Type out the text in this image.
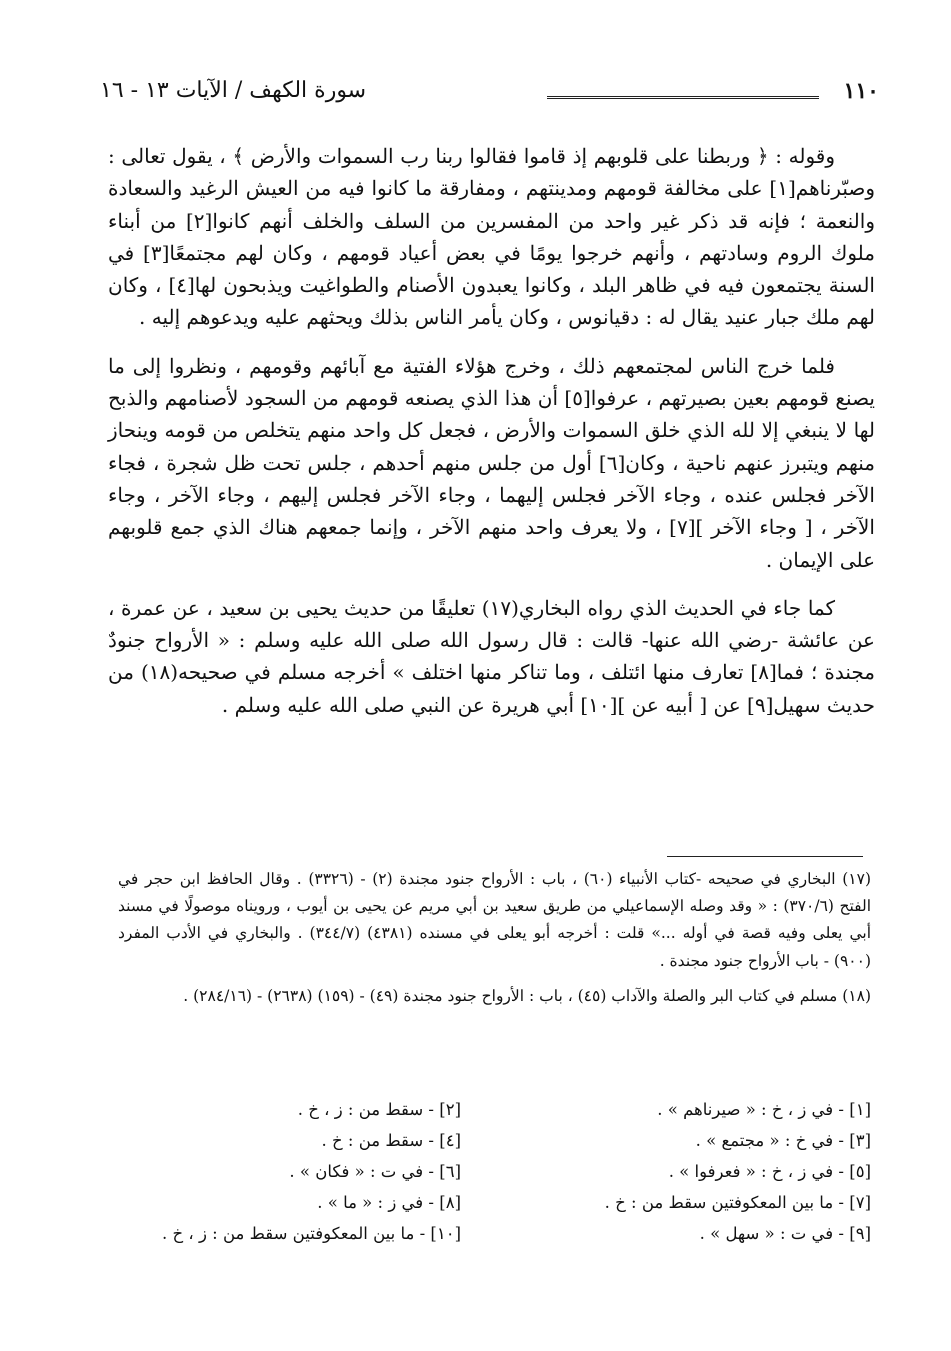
١١٠
سورة الكهف / الآيات ١٣ - ١٦

وقوله : ﴿ وربطنا على قلوبهم إذ قاموا فقالوا ربنا رب السموات والأرض ﴾ ، يقول تعالى : وصبّرناهم[١] على مخالفة قومهم ومدينتهم ، ومفارقة ما كانوا فيه من العيش الرغيد والسعادة والنعمة ؛ فإنه قد ذكر غير واحد من المفسرين من السلف والخلف أنهم كانوا[٢] من أبناء ملوك الروم وسادتهم ، وأنهم خرجوا يومًا في بعض أعياد قومهم ، وكان لهم مجتمعًا[٣] في السنة يجتمعون فيه في ظاهر البلد ، وكانوا يعبدون الأصنام والطواغيت ويذبحون لها[٤] ، وكان لهم ملك جبار عنيد يقال له : دقيانوس ، وكان يأمر الناس بذلك ويحثهم عليه ويدعوهم إليه .

فلما خرج الناس لمجتمعهم ذلك ، وخرج هؤلاء الفتية مع آبائهم وقومهم ، ونظروا إلى ما يصنع قومهم بعين بصيرتهم ، عرفوا[٥] أن هذا الذي يصنعه قومهم من السجود لأصنامهم والذبح لها لا ينبغي إلا لله الذي خلق السموات والأرض ، فجعل كل واحد منهم يتخلص من قومه وينحاز منهم ويتبرز عنهم ناحية ، وكان[٦] أول من جلس منهم أحدهم ، جلس تحت ظل شجرة ، فجاء الآخر فجلس عنده ، وجاء الآخر فجلس إليهما ، وجاء الآخر فجلس إليهم ، وجاء الآخر ، وجاء الآخر ، [ وجاء الآخر ][٧] ، ولا يعرف واحد منهم الآخر ، وإنما جمعهم هناك الذي جمع قلوبهم على الإيمان .

كما جاء في الحديث الذي رواه البخاري(١٧) تعليقًا من حديث يحيى بن سعيد ، عن عمرة ، عن عائشة -رضي الله عنها- قالت : قال رسول الله صلى الله عليه وسلم : « الأرواح جنودٌ مجندة ؛ فما[٨] تعارف منها ائتلف ، وما تناكر منها اختلف » أخرجه مسلم في صحيحه(١٨) من حديث سهيل[٩] عن [ أبيه عن ][١٠] أبي هريرة عن النبي صلى الله عليه وسلم .

(١٧) البخاري في صحيحه -كتاب الأنبياء (٦٠) ، باب : الأرواح جنود مجندة (٢) - (٣٣٢٦) . وقال الحافظ ابن حجر في الفتح (٣٧٠/٦) : « وقد وصله الإسماعيلي من طريق سعيد بن أبي مريم عن يحيى بن أيوب ، ورويناه موصولًا في مسند أبي يعلى وفيه قصة في أوله ...» قلت : أخرجه أبو يعلى في مسنده (٤٣٨١) (٣٤٤/٧) . والبخاري في الأدب المفرد (٩٠٠) - باب الأرواح جنود مجندة .

(١٨) مسلم في كتاب البر والصلة والآداب (٤٥) ، باب : الأرواح جنود مجندة (٤٩) - (١٥٩) (٢٦٣٨) - (٢٨٤/١٦) .

[١] - في ز ، خ : « صيرناهم » .
[٣] - في خ : « مجتمع » .
[٥] - في ز ، خ : « فعرفوا » .
[٧] - ما بين المعكوفتين سقط من : خ .
[٩] - في ت : « سهل » .
[٢] - سقط من : ز ، خ .
[٤] - سقط من : خ .
[٦] - في ت : « فكان » .
[٨] - في ز : « ما » .
[١٠] - ما بين المعكوفتين سقط من : ز ، خ .
